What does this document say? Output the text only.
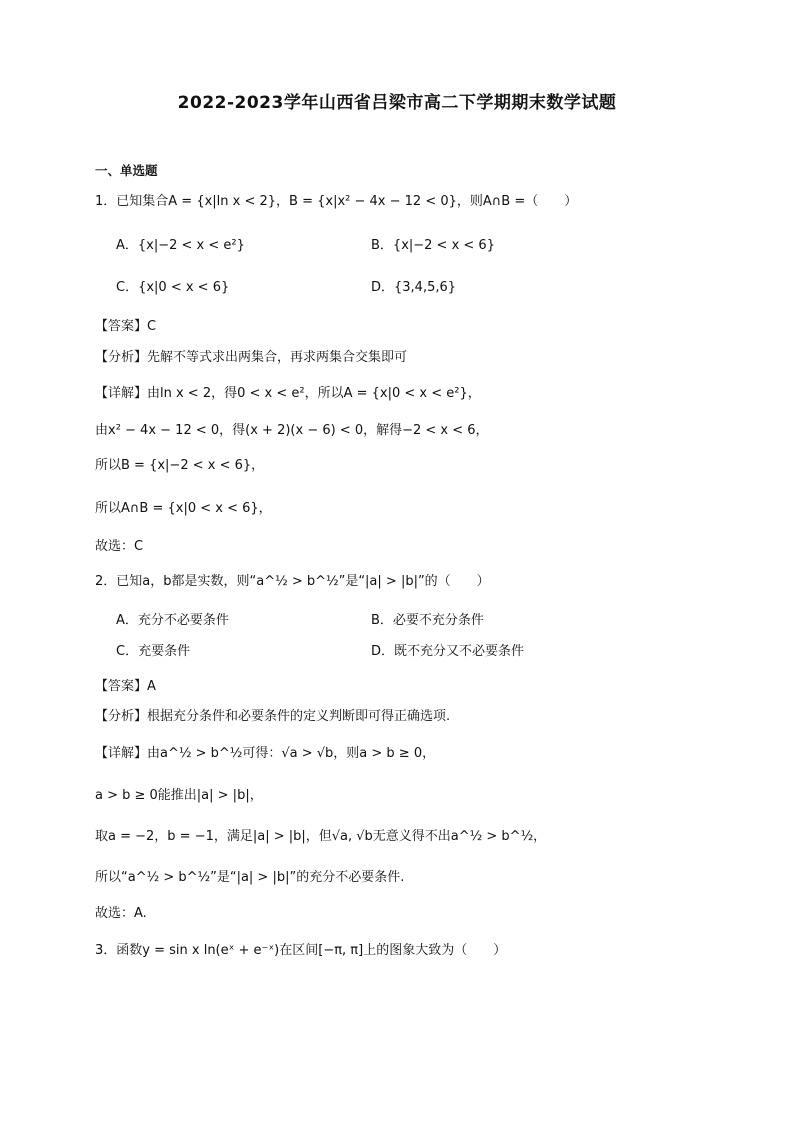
2022-2023学年山西省吕梁市高二下学期期末数学试题
一、单选题
1．已知集合A = {x|ln x < 2}，B = {x|x² − 4x − 12 < 0}，则A∩B =（　　）
A．{x|−2 < x < e²}	B．{x|−2 < x < 6}
C．{x|0 < x < 6}	D．{3,4,5,6}
【答案】C
【分析】先解不等式求出两集合，再求两集合交集即可
【详解】由ln x < 2，得0 < x < e²，所以A = {x|0 < x < e²}，
由x² − 4x − 12 < 0，得(x + 2)(x − 6) < 0，解得−2 < x < 6，
所以B = {x|−2 < x < 6}，
所以A∩B = {x|0 < x < 6}，
故选：C
2．已知a，b都是实数，则“a^½ > b^½”是“|a| > |b|”的（　　）
A．充分不必要条件	B．必要不充分条件
C．充要条件	D．既不充分又不必要条件
【答案】A
【分析】根据充分条件和必要条件的定义判断即可得正确选项.
【详解】由a^½ > b^½可得：√a > √b，则a > b ≥ 0，
a > b ≥ 0能推出|a| > |b|，
取a = −2，b = −1，满足|a| > |b|，但√a, √b无意义得不出a^½ > b^½，
所以“a^½ > b^½”是“|a| > |b|”的充分不必要条件.
故选：A.
3．函数y = sin x ln(eˣ + e⁻ˣ)在区间[−π, π]上的图象大致为（　　）
